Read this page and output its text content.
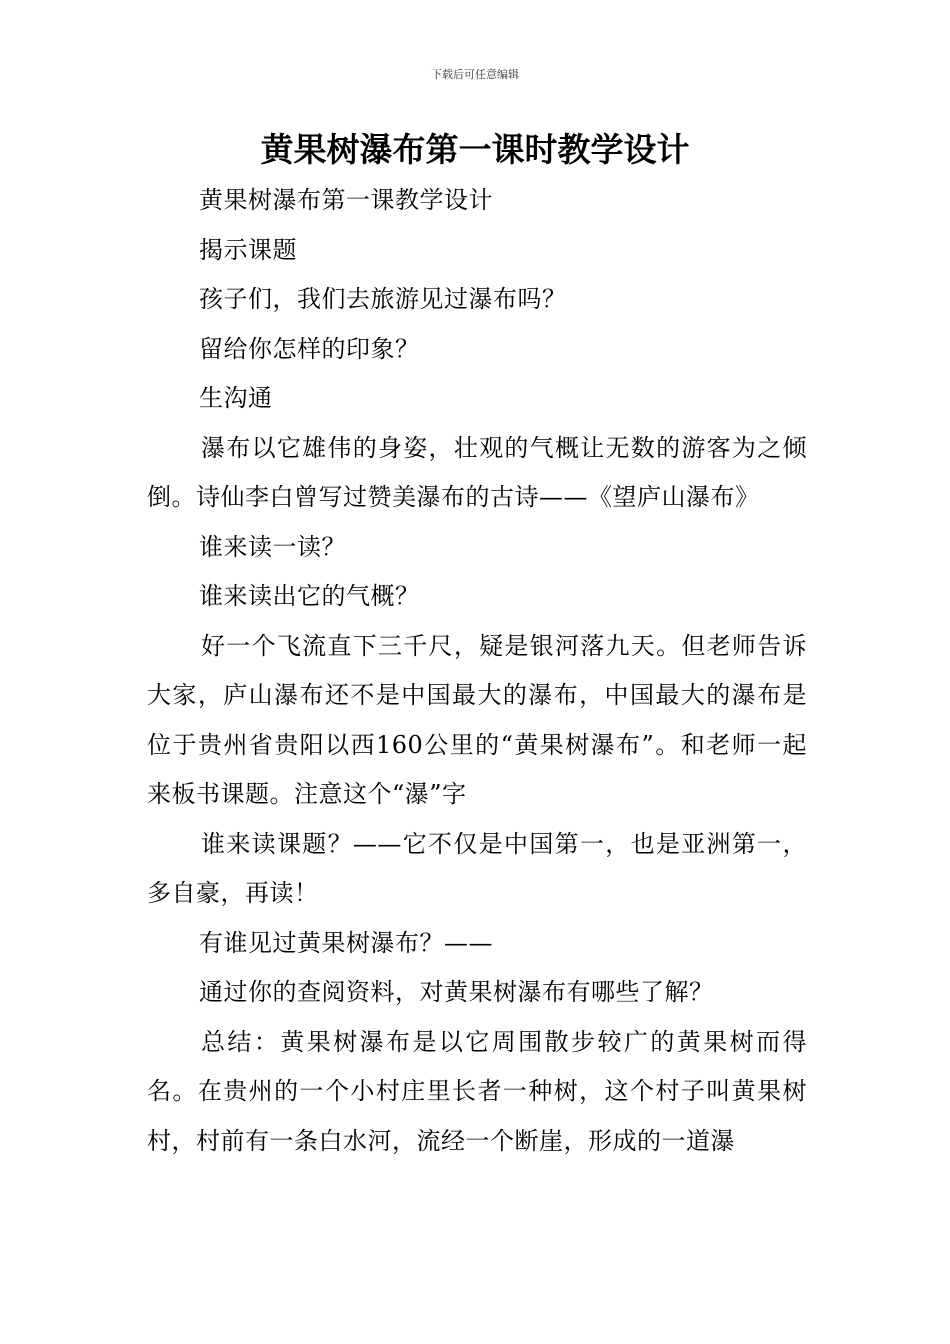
下载后可任意编辑
黄果树瀑布第一课时教学设计

黄果树瀑布第一课教学设计

揭示课题

孩子们，我们去旅游见过瀑布吗？

留给你怎样的印象？

生沟通

瀑布以它雄伟的身姿，壮观的气概让无数的游客为之倾倒。诗仙李白曾写过赞美瀑布的古诗——《望庐山瀑布》

谁来读一读？

谁来读出它的气概？

好一个飞流直下三千尺，疑是银河落九天。但老师告诉大家，庐山瀑布还不是中国最大的瀑布，中国最大的瀑布是位于贵州省贵阳以西160公里的“黄果树瀑布”。和老师一起来板书课题。注意这个“瀑”字

谁来读课题？——它不仅是中国第一，也是亚洲第一，多自豪，再读！

有谁见过黄果树瀑布？——

通过你的查阅资料，对黄果树瀑布有哪些了解？

总结：黄果树瀑布是以它周围散步较广的黄果树而得名。在贵州的一个小村庄里长者一种树，这个村子叫黄果树村，村前有一条白水河，流经一个断崖，形成的一道瀑
